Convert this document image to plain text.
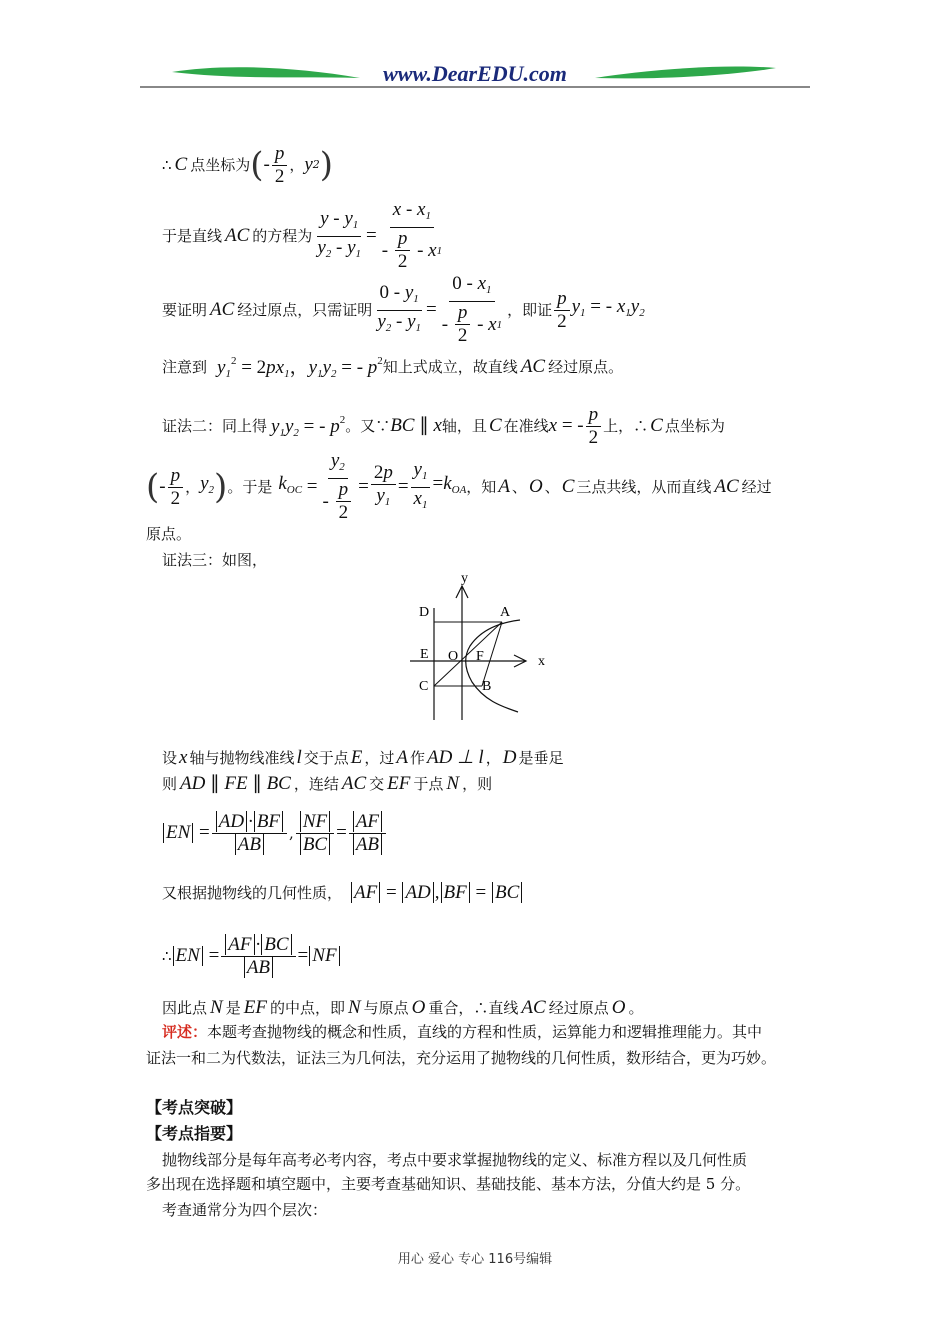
www.DearEDU.com
∴ C 点坐标为 ( - $\frac{p}{2}$ ， y 2 )
于是直线 AC 的方程为 $\frac{y - y_1}{y_2 - y_1} = \frac{x - x_1}{- \frac{p}{2} - x 1}$
要证明 AC 经过原点，只需证明 $\frac{0 - y_1}{y_2 - y_1} = \frac{0 - x_1}{- \frac{p}{2} - x 1}$ ，即证 $\frac{p}{2} y_1$ = - $x_1y_2$
注意到 $y_1^2 = 2px_1$，$y_1y_2$ = - $p^2$ 知上式成立，故直线 AC 经过原点。
证法二：同上得 $y_1y_2$ = - $p^2$ 。又∵ BC ∥ x 轴，且 C 在准线 x = - $\frac{p}{2}$ 上，∴ C 点坐标为
( - $\frac{p}{2}$ ， $y_2$ ) 。于是 $k_{OC} = \frac{y_2}{- \frac{p}{2}} = \frac{2p}{y_1} = \frac{y_1}{x_1} =k_{OA}$ ，知 A 、 O 、 C 三点共线，从而直线 AC 经过
原点。
证法三：如图，
y
x
D	A
E O F
C	B
设 x 轴与抛物线准线 l 交于点 E ，过 A 作 AD ⊥ l ， D 是垂足
则 AD ∥ FE ∥ BC ，连结 AC 交 EF 于点 N ，则
EN = $\frac{AD \cdot BF}{AB}$ , $\frac{NF}{BC} = \frac{AF}{AB}$
又根据抛物线的几何性质， AF = AD , BF = BC
∴ EN = $\frac{AF \cdot BC}{AB}$ = NF
因此点 N 是 EF 的中点，即 N 与原点 O 重合，∴直线 AC 经过原点 O 。
评述：本题考查抛物线的概念和性质，直线的方程和性质，运算能力和逻辑推理能力。其中
证法一和二为代数法，证法三为几何法，充分运用了抛物线的几何性质，数形结合，更为巧妙。
【考点突破】
【考点指要】
抛物线部分是每年高考必考内容，考点中要求掌握抛物线的定义、标准方程以及几何性质
多出现在选择题和填空题中，主要考查基础知识、基础技能、基本方法，分值大约是 5 分。
考查通常分为四个层次：
用心 爱心 专心 116号编辑
